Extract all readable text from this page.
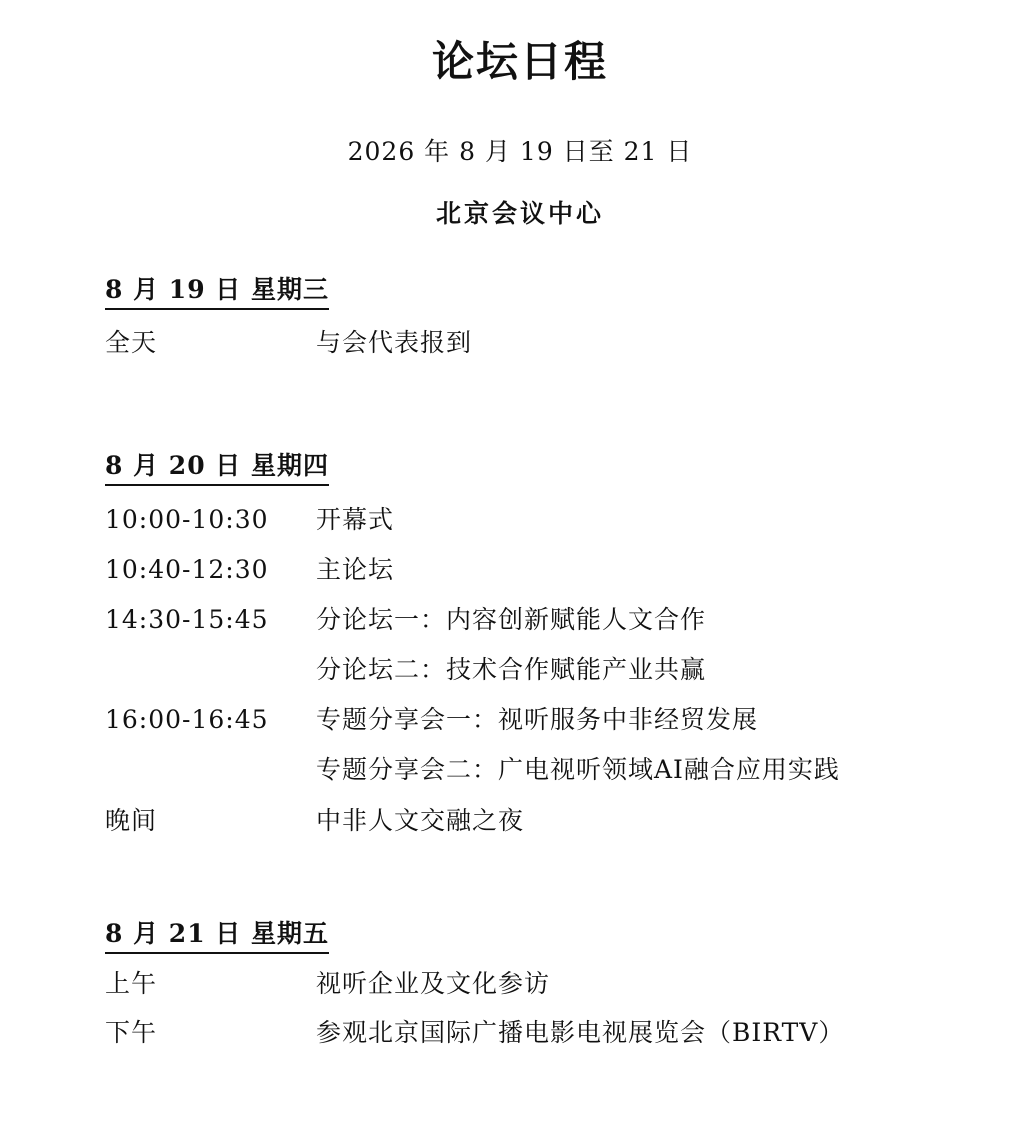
论坛日程
2026 年 8 月 19 日至 21 日
北京会议中心
8 月 19 日 星期三
全天	与会代表报到
8 月 20 日 星期四
10:00-10:30 开幕式
10:40-12:30 主论坛
14:30-15:45 分论坛一：内容创新赋能人文合作
分论坛二：技术合作赋能产业共赢
16:00-16:45 专题分享会一：视听服务中非经贸发展
专题分享会二：广电视听领域AI融合应用实践
晚间	中非人文交融之夜
8 月 21 日 星期五
上午	视听企业及文化参访
下午	参观北京国际广播电影电视展览会（BIRTV）
